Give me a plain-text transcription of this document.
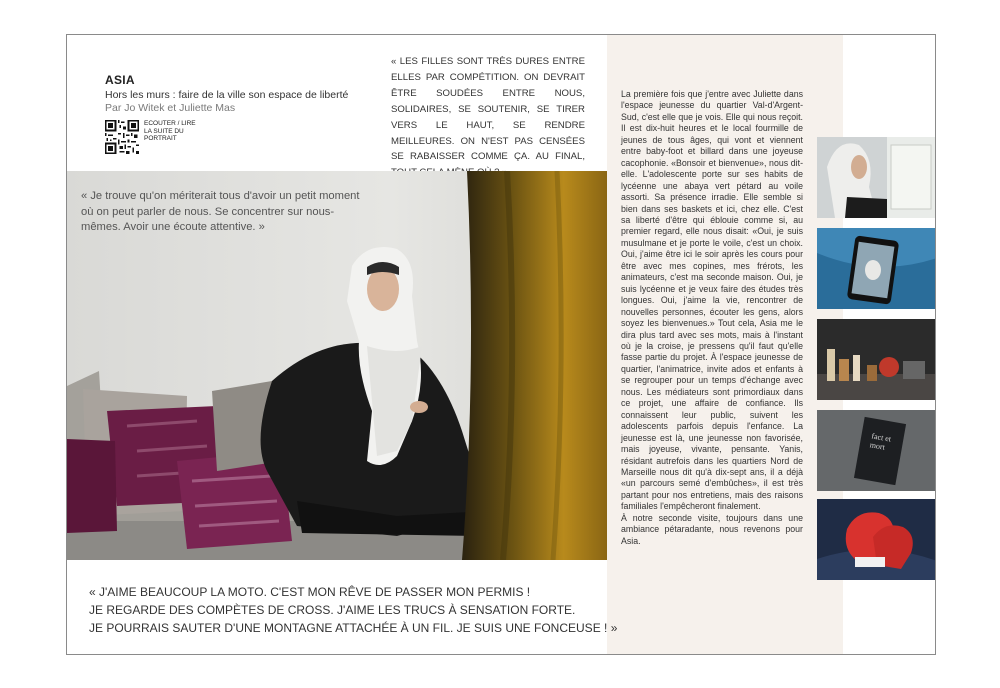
ASIA
Hors les murs : faire de la ville son espace de liberté
Par Jo Witek et Juliette Mas
ECOUTER / LIRE
LA SUITE DU
PORTRAIT
« LES FILLES SONT TRÈS DURES ENTRE ELLES PAR COMPÉTITION. ON DEVRAIT ÊTRE SOUDÉES ENTRE NOUS, SOLIDAIRES, SE SOUTENIR, SE TIRER VERS LE HAUT, SE RENDRE MEILLEURES. ON N'EST PAS CENSÉES SE RABAISSER COMME ÇA. AU FINAL,
« Je trouve qu'on mériterait tous d'avoir un petit moment où on peut parler de nous. Se concentrer sur nous-mêmes. Avoir une écoute attentive. »
« J'AIME BEAUCOUP LA MOTO. C'EST MON RÊVE DE PASSER MON PERMIS !
JE REGARDE DES COMPÈTES DE CROSS. J'AIME LES TRUCS À SENSATION FORTE.
JE POURRAIS SAUTER D'UNE MONTAGNE ATTACHÉE À UN FIL. JE SUIS UNE FONCEUSE ! »

La première fois que j'entre avec Juliette dans l'espace jeunesse du quartier Val-d'Argent-Sud, c'est elle que je vois. Elle qui nous reçoit. Il est dix-huit heures et le local fourmille de jeunes de tous âges, qui vont et viennent entre baby-foot et billard dans une joyeuse cacophonie. «Bonsoir et bienvenue», nous dit-elle. L'adolescente porte sur ses habits de lycéenne une abaya vert pétard au voile assorti. Sa présence irradie. Elle semble si bien dans ses baskets et ici, chez elle. C'est sa liberté d'être qui éblouie comme si, au premier regard, elle nous disait: «Oui, je suis musulmane et je porte le voile, c'est un choix. Oui, j'aime être ici le soir après les cours pour être avec mes copines, mes frérots, les animateurs, c'est ma seconde maison. Oui, je suis lycéenne et je veux faire des études très longues. Oui, j'aime la vie, rencontrer de nouvelles personnes, écouter les gens, alors soyez les bienvenues.» Tout cela, Asia me le dira plus tard avec ses mots, mais à l'instant où je la croise, je pressens qu'il faut qu'elle fasse partie du projet. À l'espace jeunesse de quartier, l'animatrice, invite ados et enfants à se regrouper pour un temps d'échange avec nous. Les médiateurs sont primordiaux dans ce projet, une affaire de confiance. Ils connaissent leur public, suivent les adolescents parfois depuis l'enfance. La jeunesse est là, une jeunesse non favorisée, mais joyeuse, vivante, pensante. Yanis, résidant autrefois dans les quartiers Nord de Marseille nous dit qu'à dix-sept ans, il a déjà «un parcours semé d'embûches», il est très partant pour nos entretiens, mais des raisons familiales l'empêcheront finalement.

À notre seconde visite, toujours dans une ambiance pétaradante, nous revenons pour Asia.

fact et mort
